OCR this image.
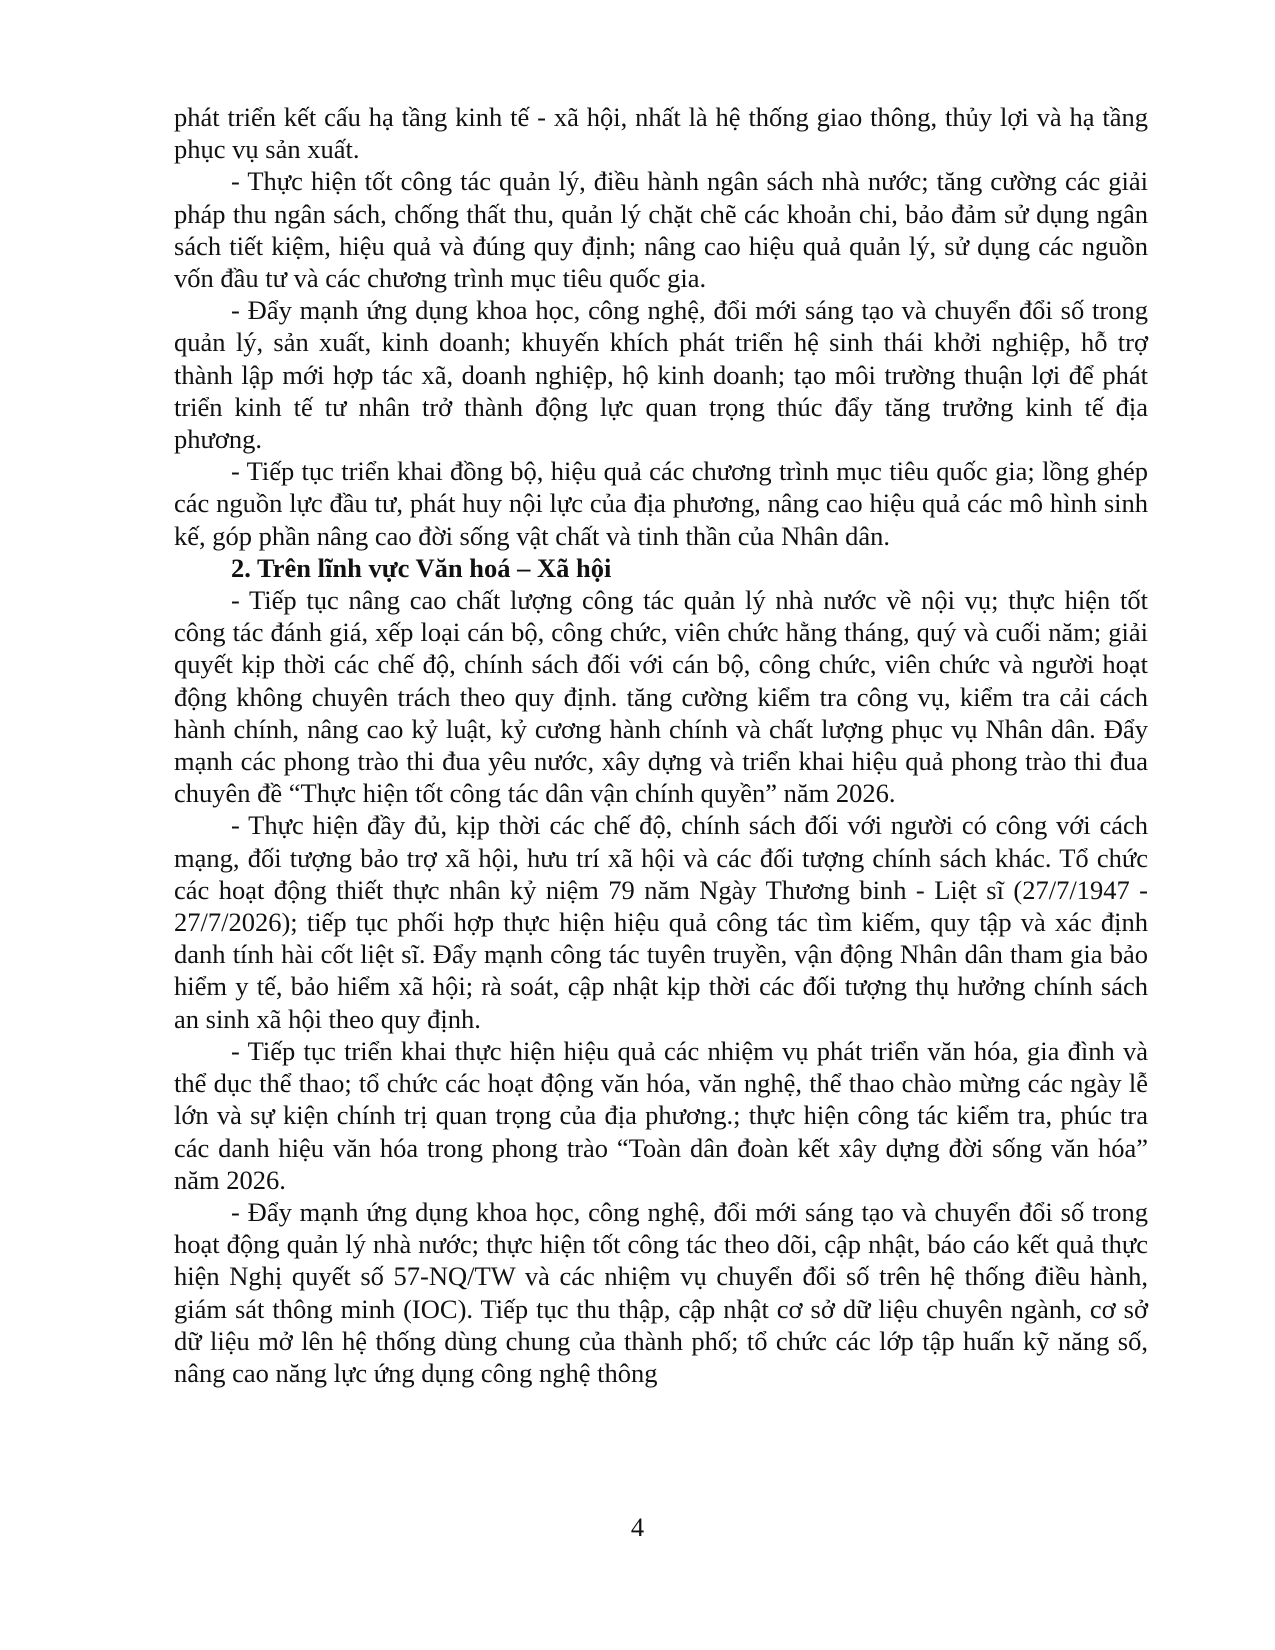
phát triển kết cấu hạ tầng kinh tế - xã hội, nhất là hệ thống giao thông, thủy lợi và hạ tầng phục vụ sản xuất.

- Thực hiện tốt công tác quản lý, điều hành ngân sách nhà nước; tăng cường các giải pháp thu ngân sách, chống thất thu, quản lý chặt chẽ các khoản chi, bảo đảm sử dụng ngân sách tiết kiệm, hiệu quả và đúng quy định; nâng cao hiệu quả quản lý, sử dụng các nguồn vốn đầu tư và các chương trình mục tiêu quốc gia.

- Đẩy mạnh ứng dụng khoa học, công nghệ, đổi mới sáng tạo và chuyển đổi số trong quản lý, sản xuất, kinh doanh; khuyến khích phát triển hệ sinh thái khởi nghiệp, hỗ trợ thành lập mới hợp tác xã, doanh nghiệp, hộ kinh doanh; tạo môi trường thuận lợi để phát triển kinh tế tư nhân trở thành động lực quan trọng thúc đẩy tăng trưởng kinh tế địa phương.

- Tiếp tục triển khai đồng bộ, hiệu quả các chương trình mục tiêu quốc gia; lồng ghép các nguồn lực đầu tư, phát huy nội lực của địa phương, nâng cao hiệu quả các mô hình sinh kế, góp phần nâng cao đời sống vật chất và tinh thần của Nhân dân.

2. Trên lĩnh vực Văn hoá – Xã hội

- Tiếp tục nâng cao chất lượng công tác quản lý nhà nước về nội vụ; thực hiện tốt công tác đánh giá, xếp loại cán bộ, công chức, viên chức hằng tháng, quý và cuối năm; giải quyết kịp thời các chế độ, chính sách đối với cán bộ, công chức, viên chức và người hoạt động không chuyên trách theo quy định. tăng cường kiểm tra công vụ, kiểm tra cải cách hành chính, nâng cao kỷ luật, kỷ cương hành chính và chất lượng phục vụ Nhân dân. Đẩy mạnh các phong trào thi đua yêu nước, xây dựng và triển khai hiệu quả phong trào thi đua chuyên đề “Thực hiện tốt công tác dân vận chính quyền” năm 2026.

- Thực hiện đầy đủ, kịp thời các chế độ, chính sách đối với người có công với cách mạng, đối tượng bảo trợ xã hội, hưu trí xã hội và các đối tượng chính sách khác. Tổ chức các hoạt động thiết thực nhân kỷ niệm 79 năm Ngày Thương binh - Liệt sĩ (27/7/1947 - 27/7/2026); tiếp tục phối hợp thực hiện hiệu quả công tác tìm kiếm, quy tập và xác định danh tính hài cốt liệt sĩ. Đẩy mạnh công tác tuyên truyền, vận động Nhân dân tham gia bảo hiểm y tế, bảo hiểm xã hội; rà soát, cập nhật kịp thời các đối tượng thụ hưởng chính sách an sinh xã hội theo quy định.

- Tiếp tục triển khai thực hiện hiệu quả các nhiệm vụ phát triển văn hóa, gia đình và thể dục thể thao; tổ chức các hoạt động văn hóa, văn nghệ, thể thao chào mừng các ngày lễ lớn và sự kiện chính trị quan trọng của địa phương.; thực hiện công tác kiểm tra, phúc tra các danh hiệu văn hóa trong phong trào “Toàn dân đoàn kết xây dựng đời sống văn hóa” năm 2026.

- Đẩy mạnh ứng dụng khoa học, công nghệ, đổi mới sáng tạo và chuyển đổi số trong hoạt động quản lý nhà nước; thực hiện tốt công tác theo dõi, cập nhật, báo cáo kết quả thực hiện Nghị quyết số 57-NQ/TW và các nhiệm vụ chuyển đổi số trên hệ thống điều hành, giám sát thông minh (IOC). Tiếp tục thu thập, cập nhật cơ sở dữ liệu chuyên ngành, cơ sở dữ liệu mở lên hệ thống dùng chung của thành phố; tổ chức các lớp tập huấn kỹ năng số, nâng cao năng lực ứng dụng công nghệ thông

4
